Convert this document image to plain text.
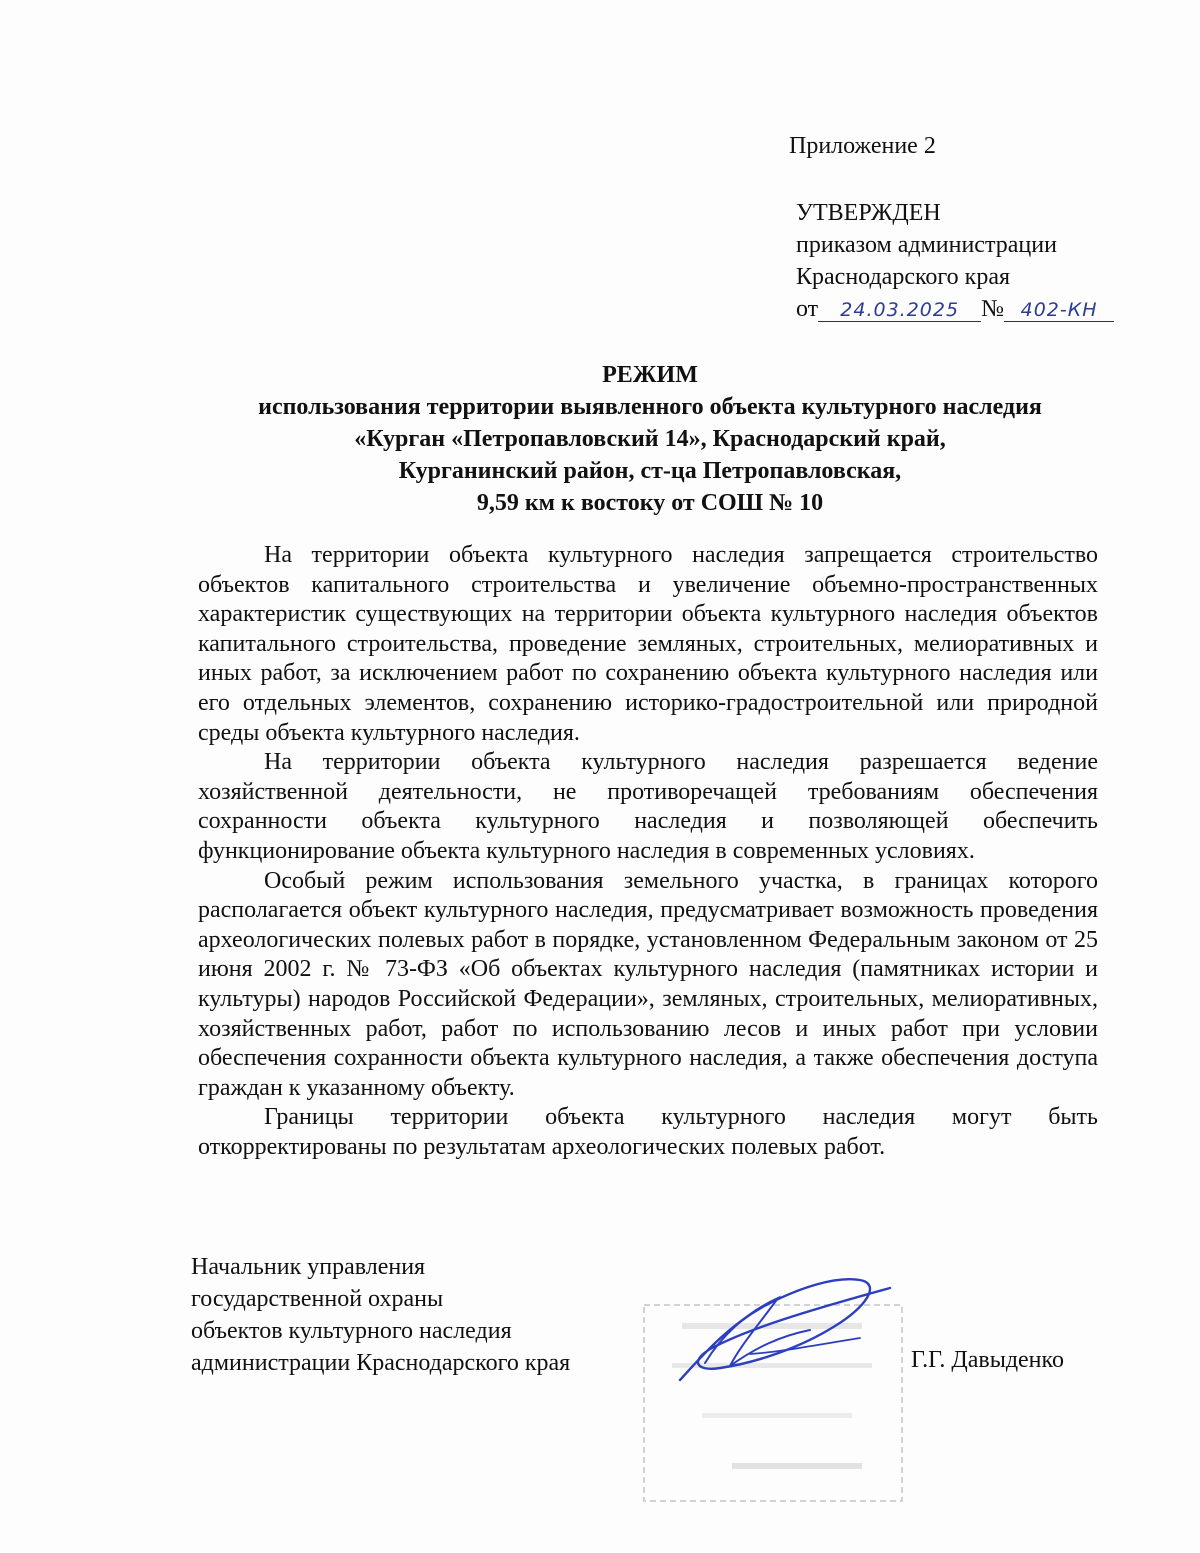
Приложение 2
УТВЕРЖДЕН
приказом администрации
Краснодарского края
от 24.03.2025 № 402-КН
РЕЖИМ
использования территории выявленного объекта культурного наследия
«Курган «Петропавловский 14», Краснодарский край,
Курганинский район, ст-ца Петропавловская,
9,59 км к востоку от СОШ № 10

На территории объекта культурного наследия запрещается строительство объектов капитального строительства и увеличение объемно-пространственных характеристик существующих на территории объекта культурного наследия объектов капитального строительства, проведение земляных, строительных, мелиоративных и иных работ, за исключением работ по сохранению объекта культурного наследия или его отдельных элементов, сохранению историко-градостроительной или природной среды объекта культурного наследия.

На территории объекта культурного наследия разрешается ведение хозяйственной деятельности, не противоречащей требованиям обеспечения сохранности объекта культурного наследия и позволяющей обеспечить функционирование объекта культурного наследия в современных условиях.

Особый режим использования земельного участка, в границах которого располагается объект культурного наследия, предусматривает возможность проведения археологических полевых работ в порядке, установленном Федеральным законом от 25 июня 2002 г. № 73-ФЗ «Об объектах культурного наследия (памятниках истории и культуры) народов Российской Федерации», земляных, строительных, мелиоративных, хозяйственных работ, работ по использованию лесов и иных работ при условии обеспечения сохранности объекта культурного наследия, а также обеспечения доступа граждан к указанному объекту.

Границы территории объекта культурного наследия могут быть откорректированы по результатам археологических полевых работ.

Начальник управления
государственной охраны
объектов культурного наследия
администрации Краснодарского края	Г.Г. Давыденко
